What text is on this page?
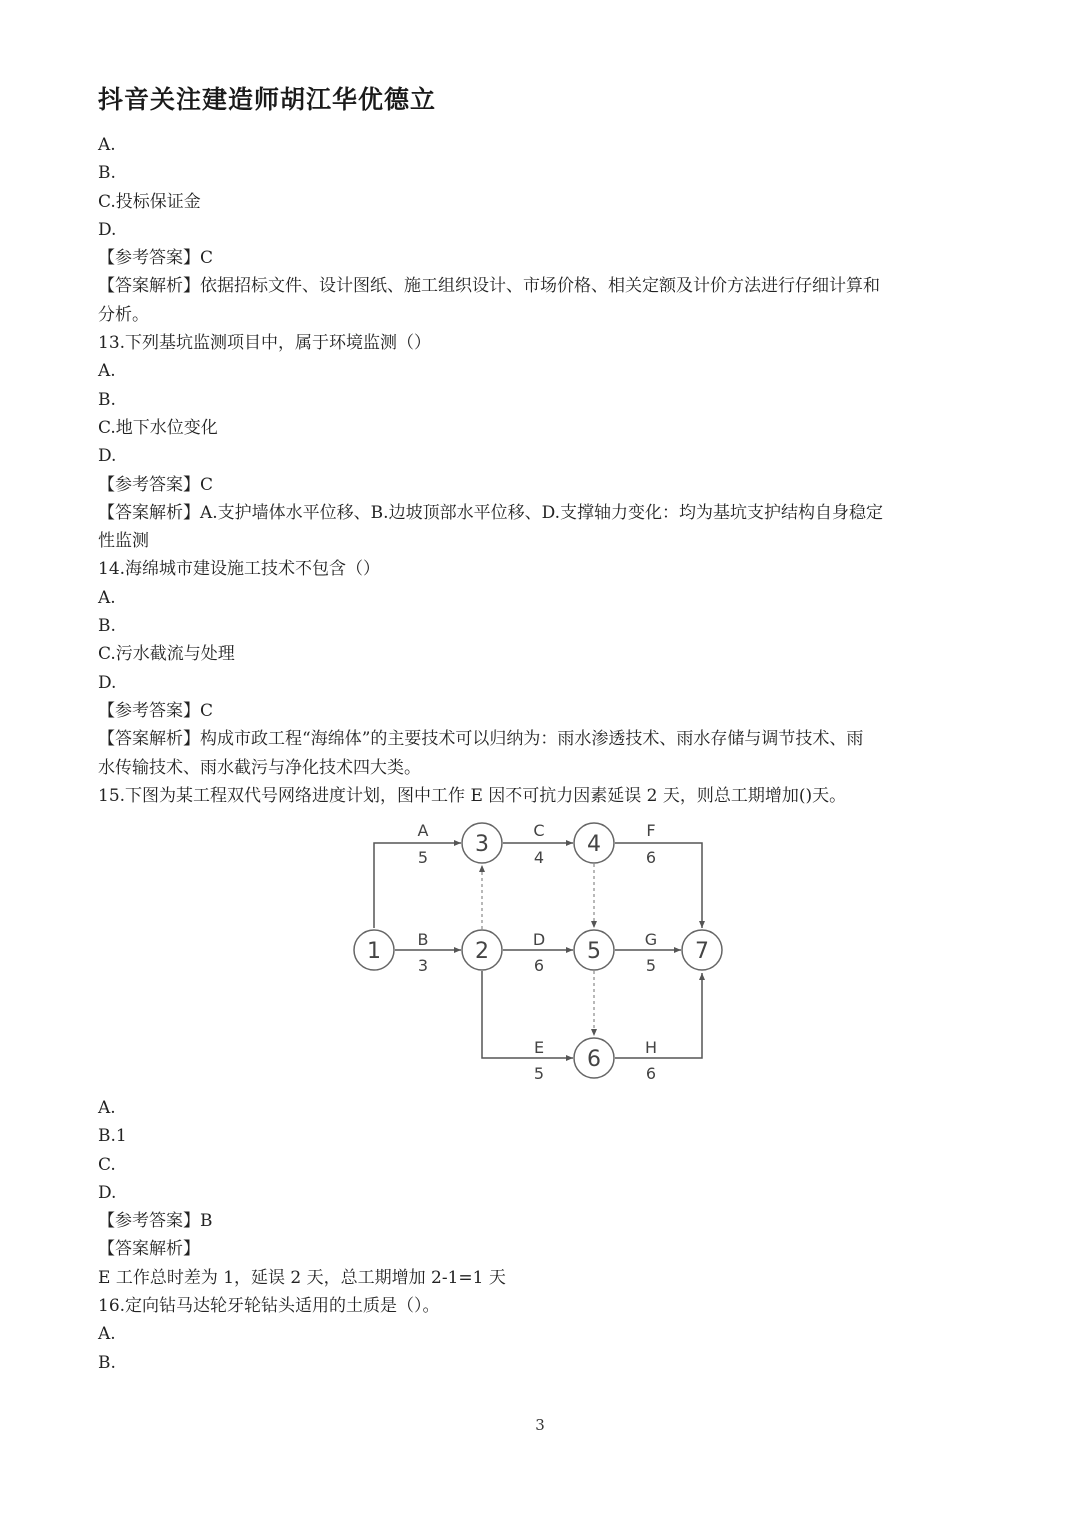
抖音关注建造师胡江华优德立
A.
B.
C.投标保证金
D.
【参考答案】C
【答案解析】依据招标文件、设计图纸、施工组织设计、市场价格、相关定额及计价方法进行仔细计算和
分析。
13.下列基坑监测项目中，属于环境监测（）
A.
B.
C.地下水位变化
D.
【参考答案】C
【答案解析】A.支护墙体水平位移、B.边坡顶部水平位移、D.支撑轴力变化：均为基坑支护结构自身稳定
性监测
14.海绵城市建设施工技术不包含（）
A.
B.
C.污水截流与处理
D.
【参考答案】C
【答案解析】构成市政工程“海绵体”的主要技术可以归纳为：雨水渗透技术、雨水存储与调节技术、雨
水传输技术、雨水截污与净化技术四大类。
15.下图为某工程双代号网络进度计划，图中工作 E 因不可抗力因素延误 2 天，则总工期增加()天。
1	2
3	4
5
6
7
A
5
B
3
C
4
D
6
E
5
F
6
G
5
H
6
A.
B.1
C.
D.
【参考答案】B
【答案解析】
E 工作总时差为 1，延误 2 天，总工期增加 2-1=1 天
16.定向钻马达轮牙轮钻头适用的土质是（）。
A.
B.
3
